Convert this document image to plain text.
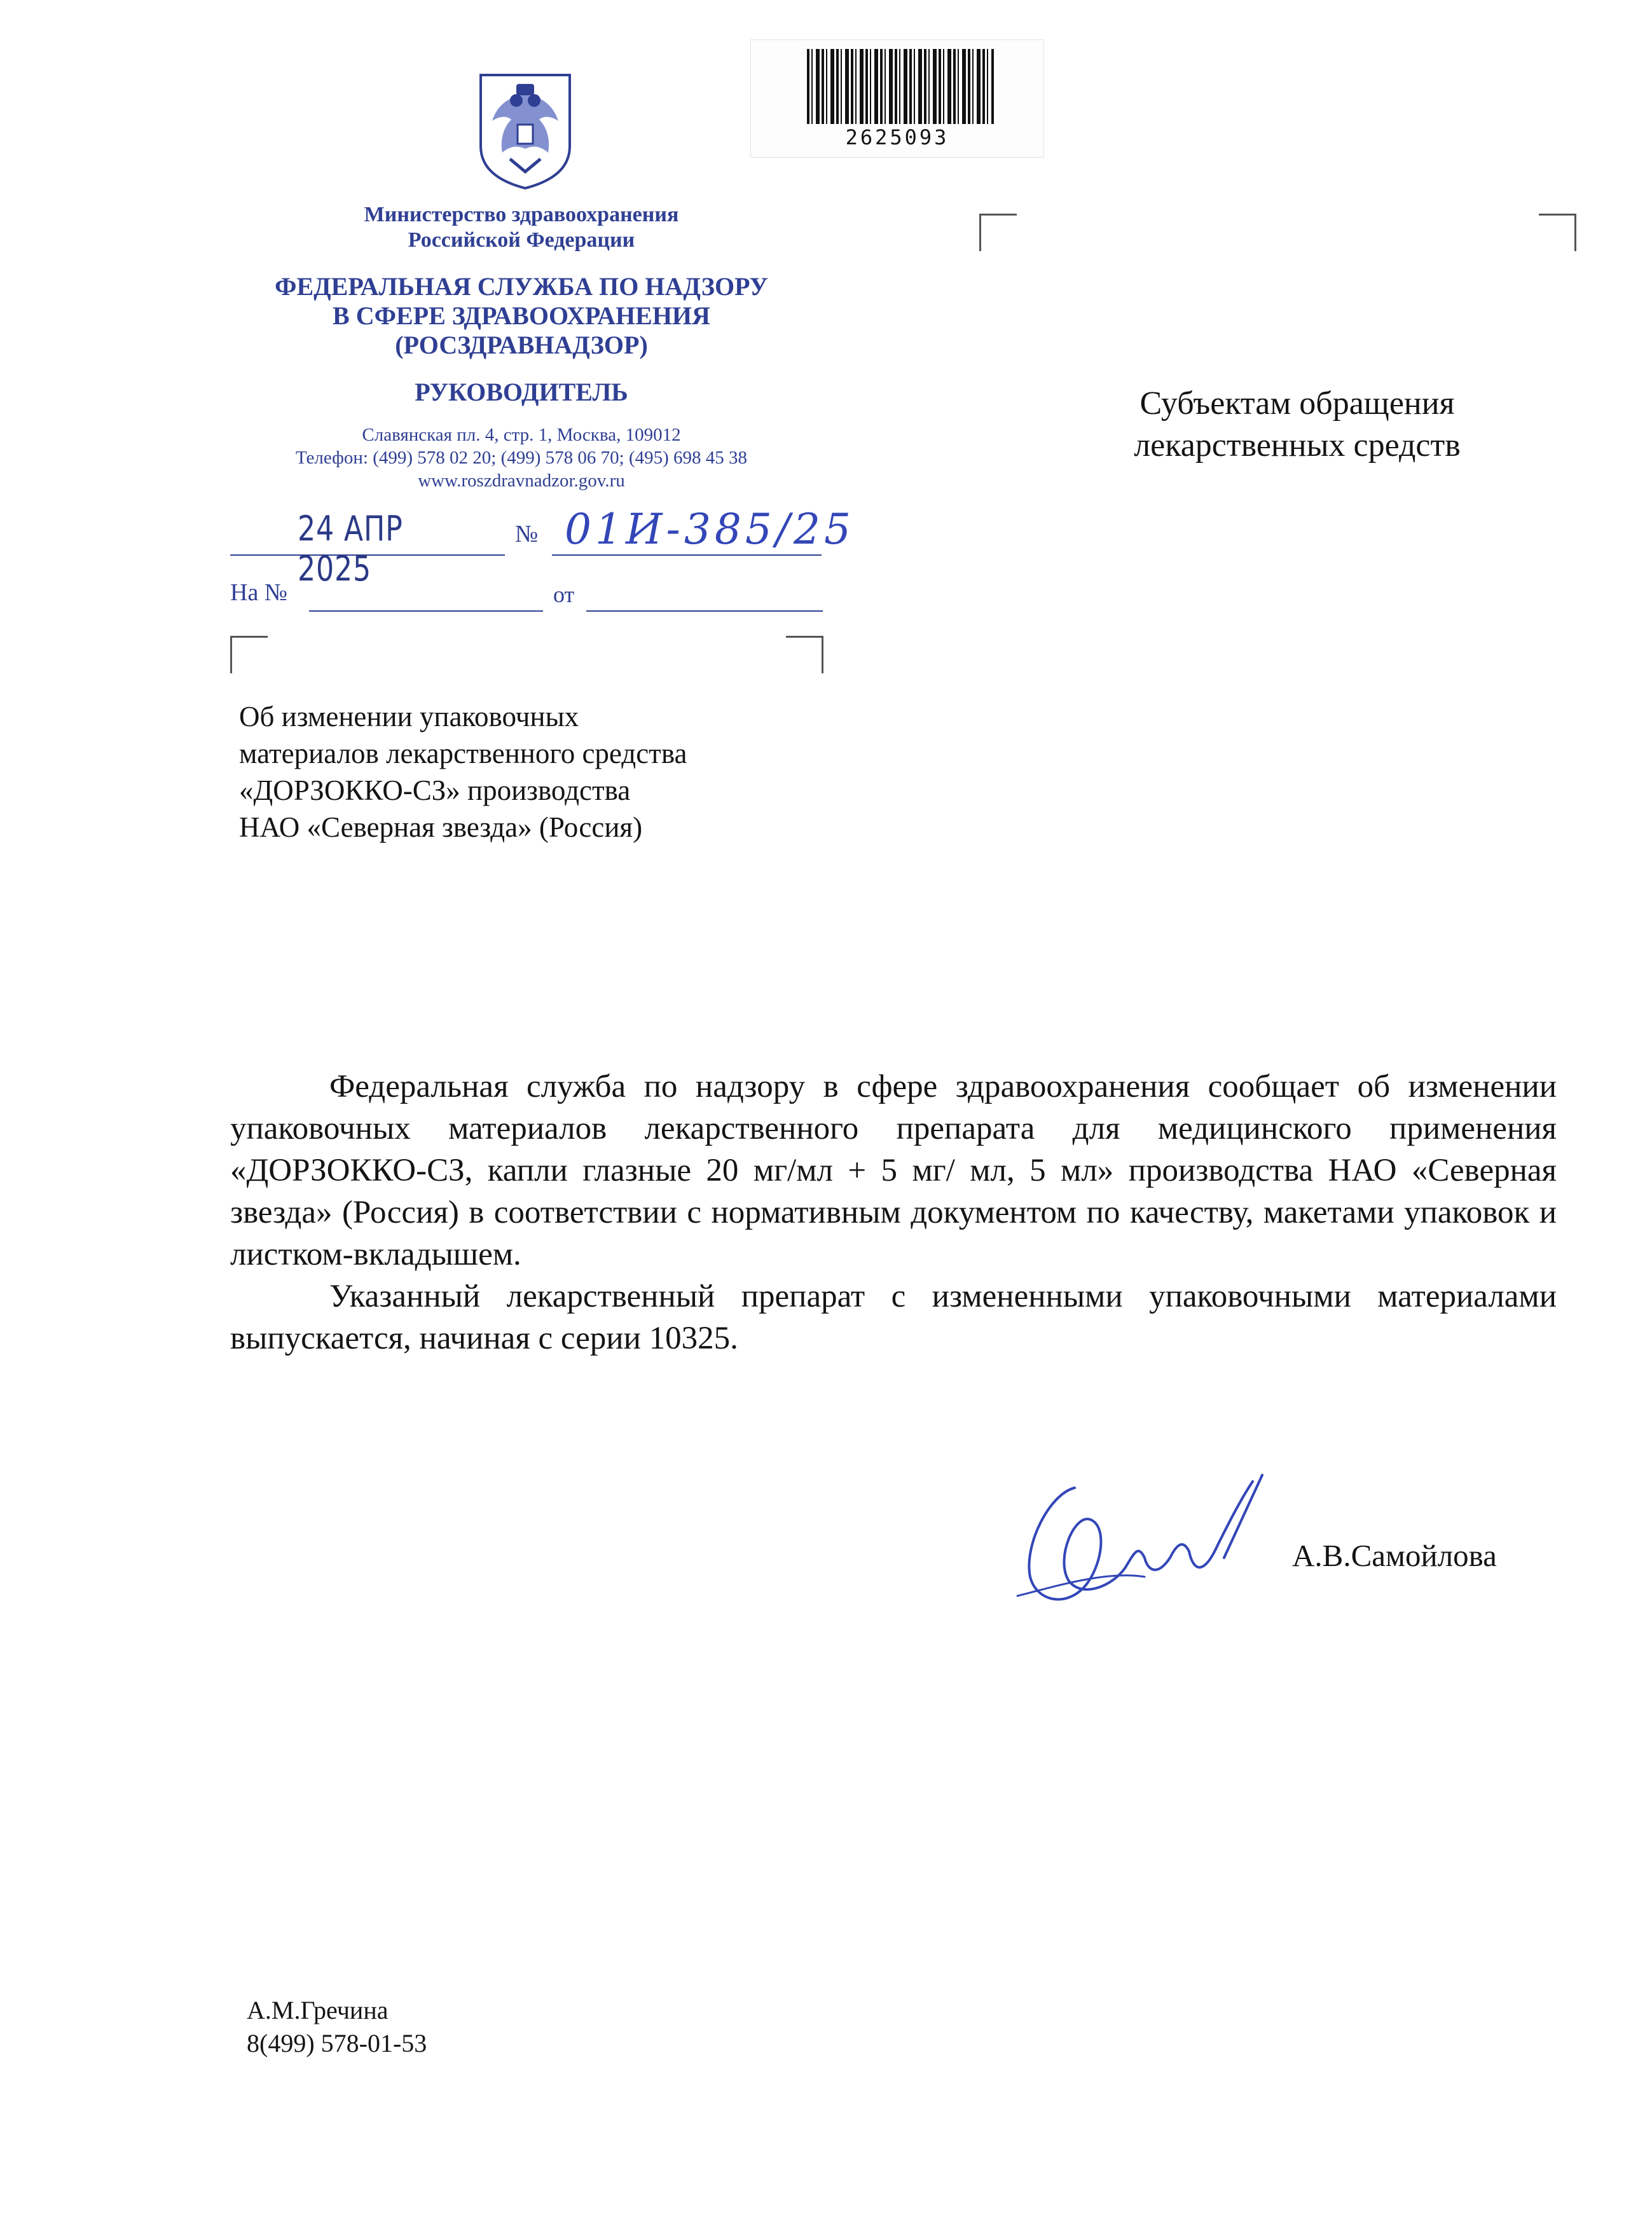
2625093
Министерство здравоохранения
Российской Федерации
ФЕДЕРАЛЬНАЯ СЛУЖБА ПО НАДЗОРУ
В СФЕРЕ ЗДРАВООХРАНЕНИЯ
(РОСЗДРАВНАДЗОР)
РУКОВОДИТЕЛЬ
Славянская пл. 4, стр. 1, Москва, 109012
Телефон: (499) 578 02 20; (499) 578 06 70; (495) 698 45 38
www.roszdravnadzor.gov.ru
24 АПР 2025
№ 01И-385/25
На №	от
Субъектам обращения
лекарственных средств
Об изменении упаковочных
материалов лекарственного средства
«ДОРЗОККО-СЗ» производства
НАО «Северная звезда» (Россия)

Федеральная служба по надзору в сфере здравоохранения сообщает об изменении упаковочных материалов лекарственного препарата для медицинского применения «ДОРЗОККО-СЗ, капли глазные 20 мг/мл + 5 мг/ мл, 5 мл» производства НАО «Северная звезда» (Россия) в соответствии с нормативным документом по качеству, макетами упаковок и листком-вкладышем.

Указанный лекарственный препарат с измененными упаковочными материалами выпускается, начиная с серии 10325.

А.В.Самойлова
А.М.Гречина
8(499) 578-01-53
